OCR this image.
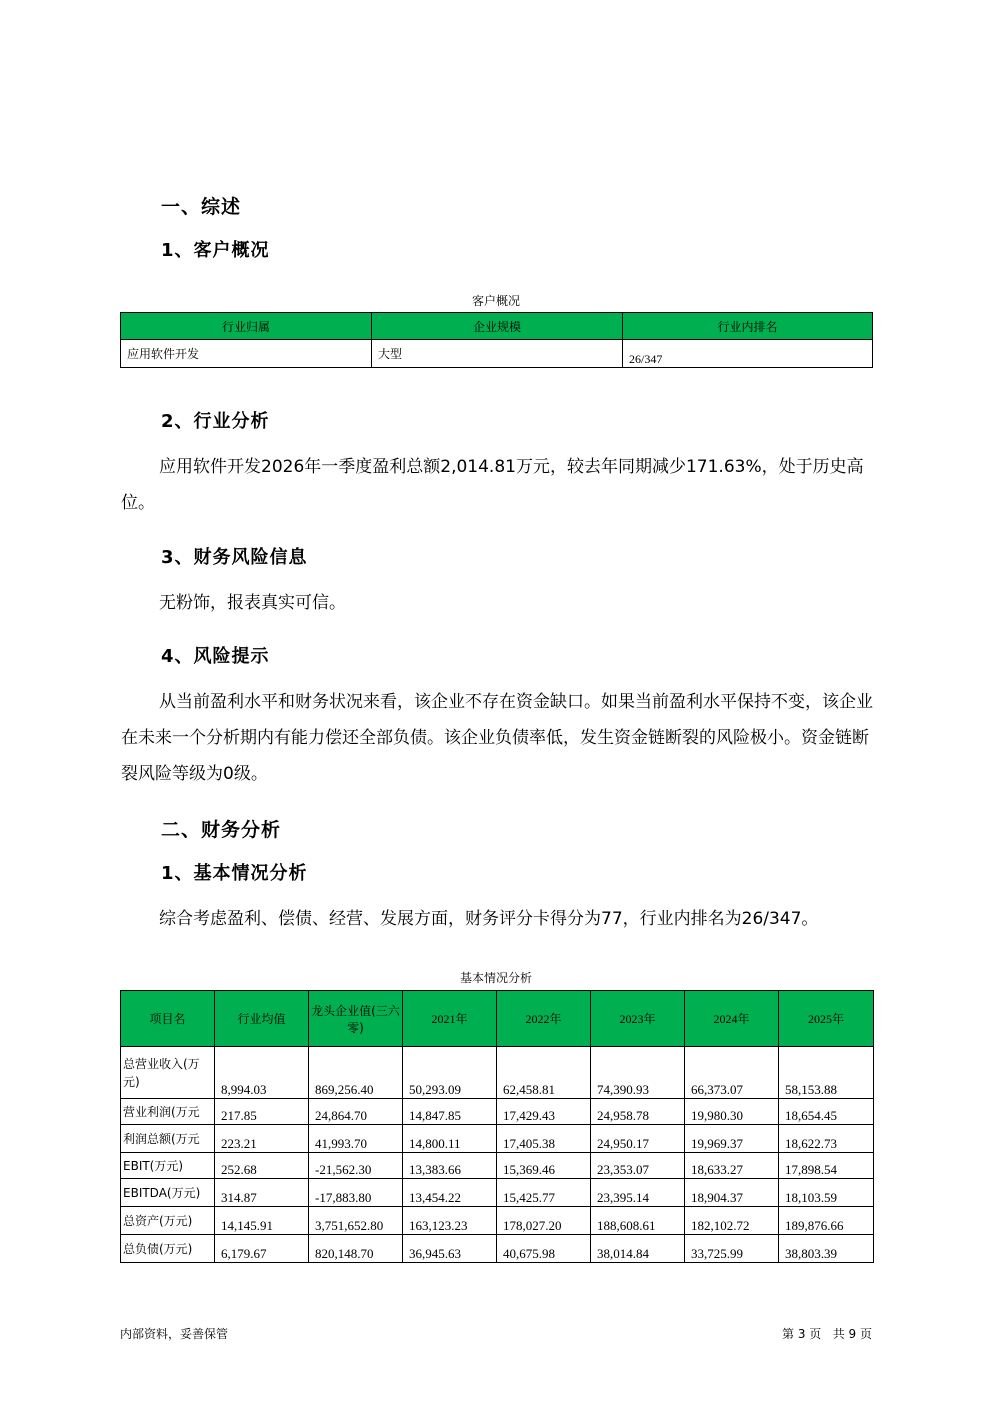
一、综述
1、客户概况
客户概况
行业归属	企业规模	行业内排名
应用软件开发	大型	26/347
2、行业分析
应用软件开发2026年一季度盈利总额2,014.81万元，较去年同期减少171.63%，处于历史高位。
3、财务风险信息
无粉饰，报表真实可信。
4、风险提示
从当前盈利水平和财务状况来看，该企业不存在资金缺口。如果当前盈利水平保持不变，该企业在未来一个分析期内有能力偿还全部负债。该企业负债率低，发生资金链断裂的风险极小。资金链断裂风险等级为0级。
二、财务分析
1、基本情况分析
综合考虑盈利、偿债、经营、发展方面，财务评分卡得分为77，行业内排名为26/347。
基本情况分析
项目名	行业均值	龙头企业值(三六零)	2021年	2022年	2023年	2024年	2025年
总营业收入(万元)	8,994.03	869,256.40	50,293.09	62,458.81	74,390.93	66,373.07	58,153.88
营业利润(万元	217.85	24,864.70	14,847.85	17,429.43	24,958.78	19,980.30	18,654.45
利润总额(万元	223.21	41,993.70	14,800.11	17,405.38	24,950.17	19,969.37	18,622.73
EBIT(万元)	252.68	-21,562.30	13,383.66	15,369.46	23,353.07	18,633.27	17,898.54
EBITDA(万元)	314.87	-17,883.80	13,454.22	15,425.77	23,395.14	18,904.37	18,103.59
总资产(万元)	14,145.91	3,751,652.80	163,123.23	178,027.20	188,608.61	182,102.72	189,876.66
总负债(万元)	6,179.67	820,148.70	36,945.63	40,675.98	38,014.84	33,725.99	38,803.39
内部资料，妥善保管	第 3 页   共 9 页
